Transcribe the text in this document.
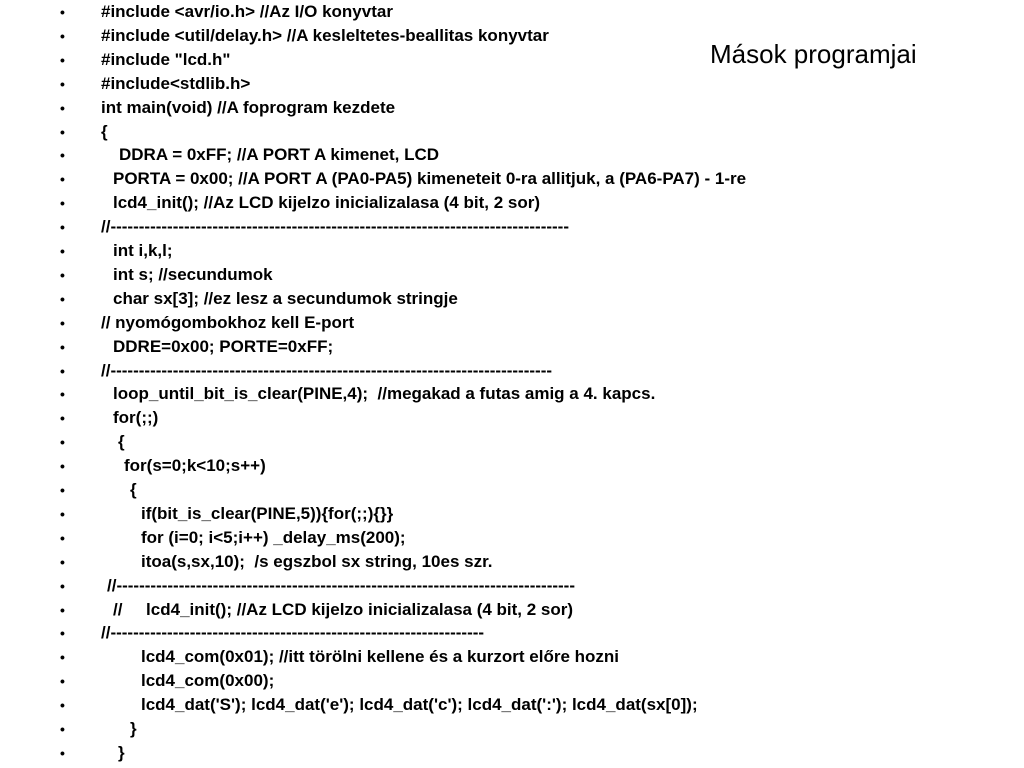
Mások programjai
• #include <avr/io.h> //Az I/O konyvtar
• #include <util/delay.h> //A kesleltetes-beallitas konyvtar
• #include "lcd.h"
• #include<stdlib.h>
• int main(void) //A foprogram kezdete
• {
•	DDRA = 0xFF; //A PORT A kimenet, LCD
•	PORTA = 0x00; //A PORT A (PA0-PA5) kimeneteit 0-ra allitjuk, a (PA6-PA7) - 1-re
•	lcd4_init(); //Az LCD kijelzo inicializalasa (4 bit, 2 sor)
• //---------------------------------------------------------------------------------
•	int i,k,l;
•	int s; //secundumok
•	char sx[3]; //ez lesz a secundumok stringje
• // nyomógombokhoz kell E-port
•	DDRE=0x00; PORTE=0xFF;
• //------------------------------------------------------------------------------
•	loop_until_bit_is_clear(PINE,4);  //megakad a futas amig a 4. kapcs.
•	for(;;)
•	{
•	for(s=0;k<10;s++)
•	{
•	if(bit_is_clear(PINE,5)){for(;;){}}
•	for (i=0; i<5;i++) _delay_ms(200);
•	itoa(s,sx,10);  /s egszbol sx string, 10es szr.
• //---------------------------------------------------------------------------------
•	//     lcd4_init(); //Az LCD kijelzo inicializalasa (4 bit, 2 sor)
• //------------------------------------------------------------------
•	lcd4_com(0x01); //itt törölni kellene és a kurzort előre hozni
•	lcd4_com(0x00);
•	lcd4_dat('S'); lcd4_dat('e'); lcd4_dat('c'); lcd4_dat(':'); lcd4_dat(sx[0]);
•	}
•	}
